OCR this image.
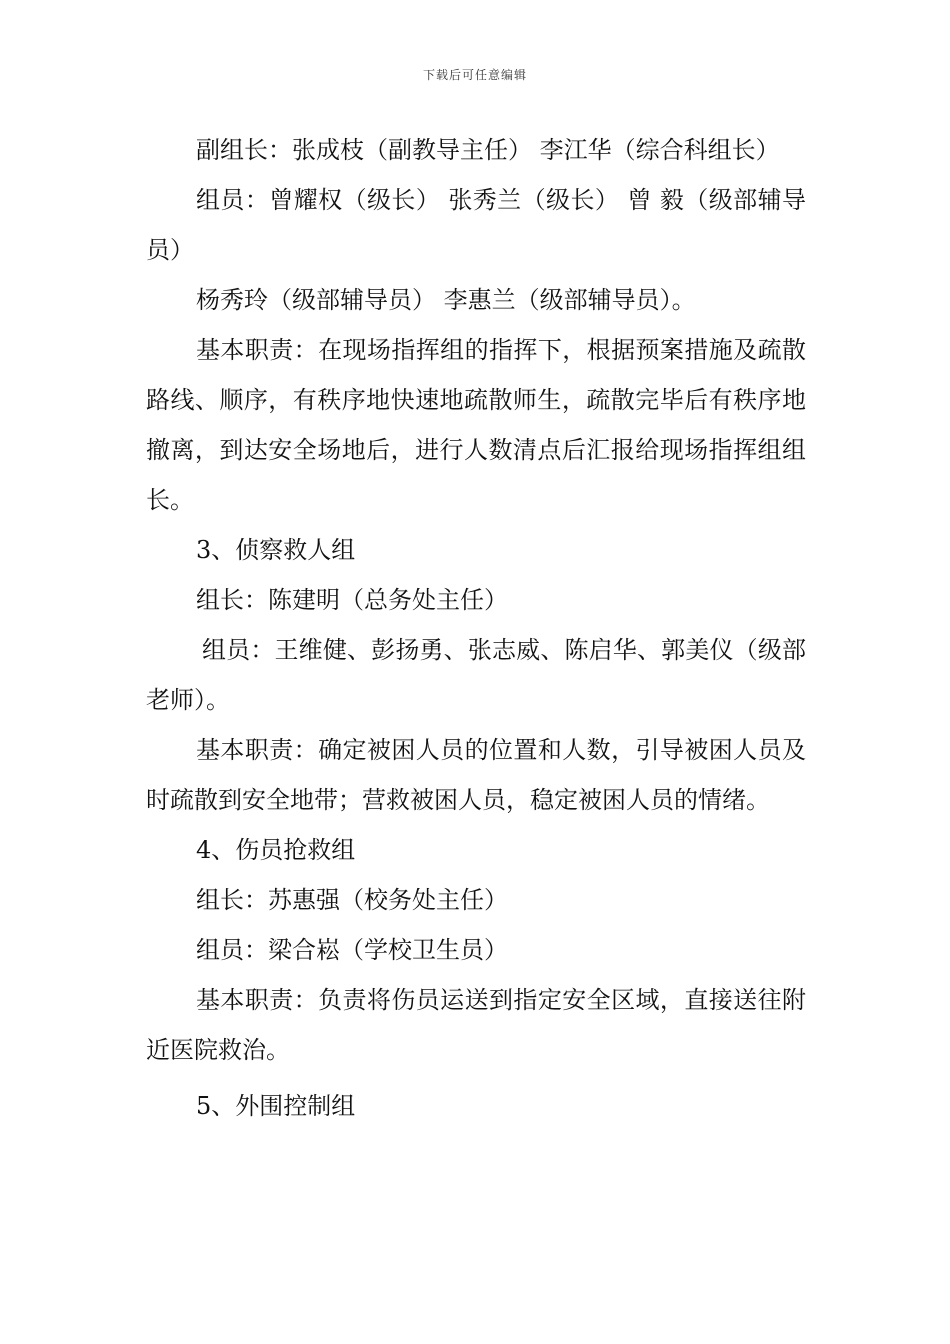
下载后可任意编辑

副组长：张成枝（副教导主任） 李江华（综合科组长）

组员：曾耀权（级长） 张秀兰（级长） 曾 毅（级部辅导员）

杨秀玲（级部辅导员） 李惠兰（级部辅导员）。

基本职责：在现场指挥组的指挥下，根据预案措施及疏散路线、顺序，有秩序地快速地疏散师生，疏散完毕后有秩序地撤离，到达安全场地后，进行人数清点后汇报给现场指挥组组长。

3、侦察救人组

组长：陈建明（总务处主任）

组员：王维健、彭扬勇、张志威、陈启华、郭美仪（级部老师）。

基本职责：确定被困人员的位置和人数，引导被困人员及时疏散到安全地带；营救被困人员，稳定被困人员的情绪。

4、伤员抢救组

组长：苏惠强（校务处主任）

组员：梁合崧（学校卫生员）

基本职责：负责将伤员运送到指定安全区域，直接送往附近医院救治。

5、外围控制组
